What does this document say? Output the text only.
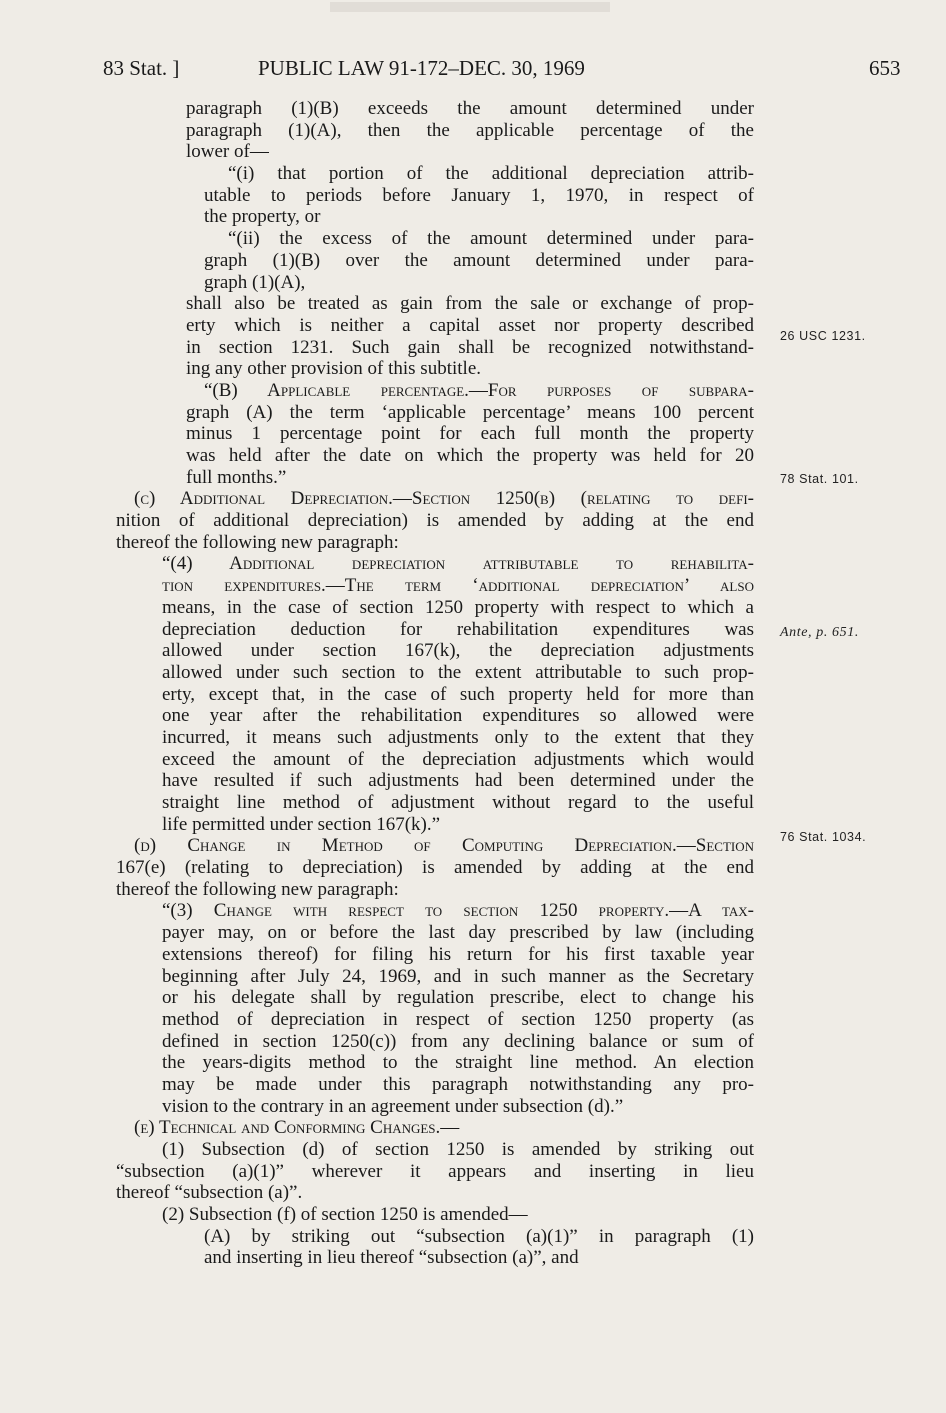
83 Stat. ]	PUBLIC LAW 91-172–DEC. 30, 1969	653
26 USC 1231.
78 Stat. 101.
Ante, p. 651.
76 Stat. 1034.
paragraph (1)(B) exceeds the amount determined under
paragraph (1)(A), then the applicable percentage of the
lower of—
“(i) that portion of the additional depreciation attrib-
utable to periods before January 1, 1970, in respect of
the property, or
“(ii) the excess of the amount determined under para-
graph (1)(B) over the amount determined under para-
graph (1)(A),
shall also be treated as gain from the sale or exchange of prop-
erty which is neither a capital asset nor property described
in section 1231. Such gain shall be recognized notwithstand-
ing any other provision of this subtitle.
“(B) Applicable percentage.—For purposes of subpara-
graph (A) the term ‘applicable percentage’ means 100 percent
minus 1 percentage point for each full month the property
was held after the date on which the property was held for 20
full months.”
(c) Additional Depreciation.—Section 1250(b) (relating to defi-
nition of additional depreciation) is amended by adding at the end
thereof the following new paragraph:
“(4) Additional depreciation attributable to rehabilita-
tion expenditures.—The term ‘additional depreciation’ also
means, in the case of section 1250 property with respect to which a
depreciation deduction for rehabilitation expenditures was
allowed under section 167(k), the depreciation adjustments
allowed under such section to the extent attributable to such prop-
erty, except that, in the case of such property held for more than
one year after the rehabilitation expenditures so allowed were
incurred, it means such adjustments only to the extent that they
exceed the amount of the depreciation adjustments which would
have resulted if such adjustments had been determined under the
straight line method of adjustment without regard to the useful
life permitted under section 167(k).”
(d) Change in Method of Computing Depreciation.—Section
167(e) (relating to depreciation) is amended by adding at the end
thereof the following new paragraph:
“(3) Change with respect to section 1250 property.—A tax-
payer may, on or before the last day prescribed by law (including
extensions thereof) for filing his return for his first taxable year
beginning after July 24, 1969, and in such manner as the Secretary
or his delegate shall by regulation prescribe, elect to change his
method of depreciation in respect of section 1250 property (as
defined in section 1250(c)) from any declining balance or sum of
the years-digits method to the straight line method. An election
may be made under this paragraph notwithstanding any pro-
vision to the contrary in an agreement under subsection (d).”
(e) Technical and Conforming Changes.—
(1) Subsection (d) of section 1250 is amended by striking out
“subsection (a)(1)” wherever it appears and inserting in lieu
thereof “subsection (a)”.
(2) Subsection (f) of section 1250 is amended—
(A) by striking out “subsection (a)(1)” in paragraph (1)
and inserting in lieu thereof “subsection (a)”, and
